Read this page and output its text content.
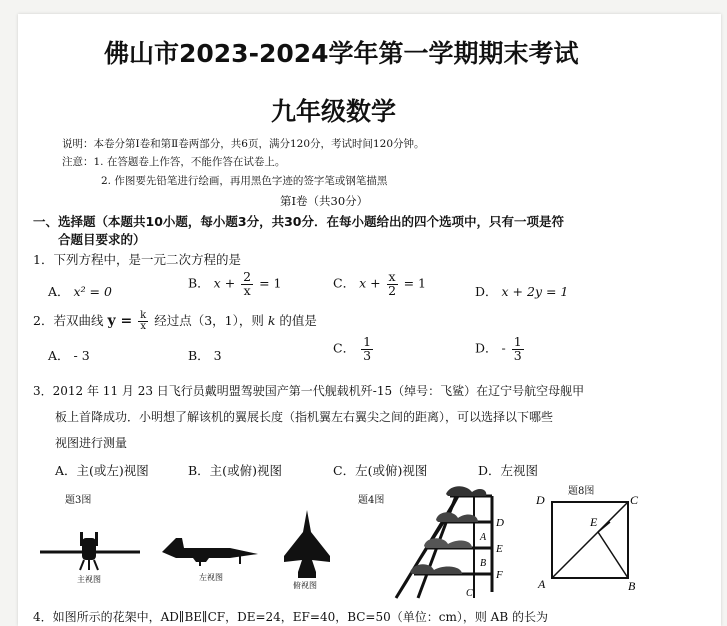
佛山市2023-2024学年第一学期期末考试
九年级数学
说明：本卷分第Ⅰ卷和第Ⅱ卷两部分，共6页，满分120分，考试时间120分钟。
注意：1. 在答题卷上作答，不能作答在试卷上。
2. 作图要先铅笔进行绘画，再用黑色字迹的签字笔或钢笔描黑
第Ⅰ卷（共30分）
一、选择题（本题共10小题，每小题3分，共30分．在每小题给出的四个选项中，只有一项是符
合题目要求的）
1．下列方程中，是一元二次方程的是
A． x² = 0
B． $x + \frac{2}{x} = 1$	C． $x + \frac{x}{2} = 1$
D． x + 2y = 1
2．若双曲线 $y = \frac{k}{x}$ 经过点（3，1），则 k 的值是
A． - 3	B． 3	C． $\frac{1}{3}$	D． - $\frac{1}{3}$
3．2012 年 11 月 23 日飞行员戴明盟驾驶国产第一代舰载机歼-15（绰号：飞鲨）在辽宁号航空母舰甲
板上首降成功．小明想了解该机的翼展长度（指机翼左右翼尖之间的距离），可以选择以下哪些
视图进行测量
A．主(或左)视图	B．主(或俯)视图	C．左(或俯)视图	D．左视图
题3图	题4图
题8图
主视图	左视图
俯视图
D
E
F
A
B
C
D	C
A	B
E
4．如图所示的花架中，AD∥BE∥CF，DE=24，EF=40，BC=50（单位：cm），则 AB 的长为
